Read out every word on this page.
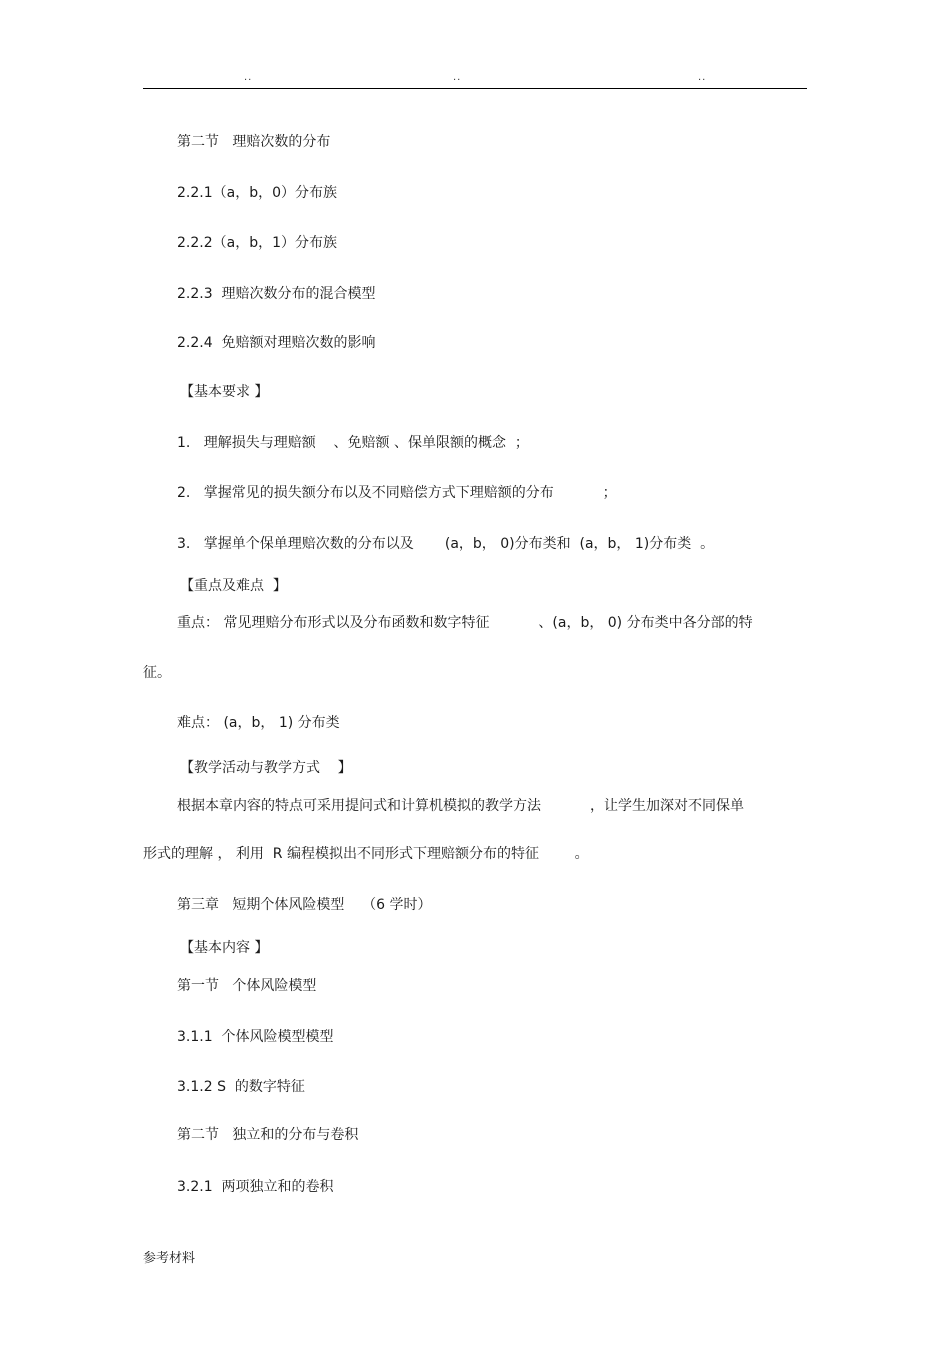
..	..	..
第二节   理赔次数的分布
2.2.1（a，b，0）分布族
2.2.2（a，b，1）分布族
2.2.3  理赔次数分布的混合模型
2.2.4  免赔额对理赔次数的影响
【基本要求 】
1.   理解损失与理赔额    、免赔额 、保单限额的概念  ；
2.   掌握常见的损失额分布以及不同赔偿方式下理赔额的分布           ；
3.   掌握单个保单理赔次数的分布以及       (a，b， 0)分布类和  (a，b， 1)分布类  。
【重点及难点  】
重点： 常见理赔分布形式以及分布函数和数字特征           、(a，b， 0) 分布类中各分部的特
征。
难点： (a，b， 1) 分布类
【教学活动与教学方式    】
根据本章内容的特点可采用提问式和计算机模拟的教学方法           ，让学生加深对不同保单
形式的理解 ， 利用  R 编程模拟出不同形式下理赔额分布的特征        。
第三章   短期个体风险模型    （6 学时）
【基本内容 】
第一节   个体风险模型
3.1.1  个体风险模型模型
3.1.2 S  的数字特征
第二节   独立和的分布与卷积
3.2.1  两项独立和的卷积
参考材料
